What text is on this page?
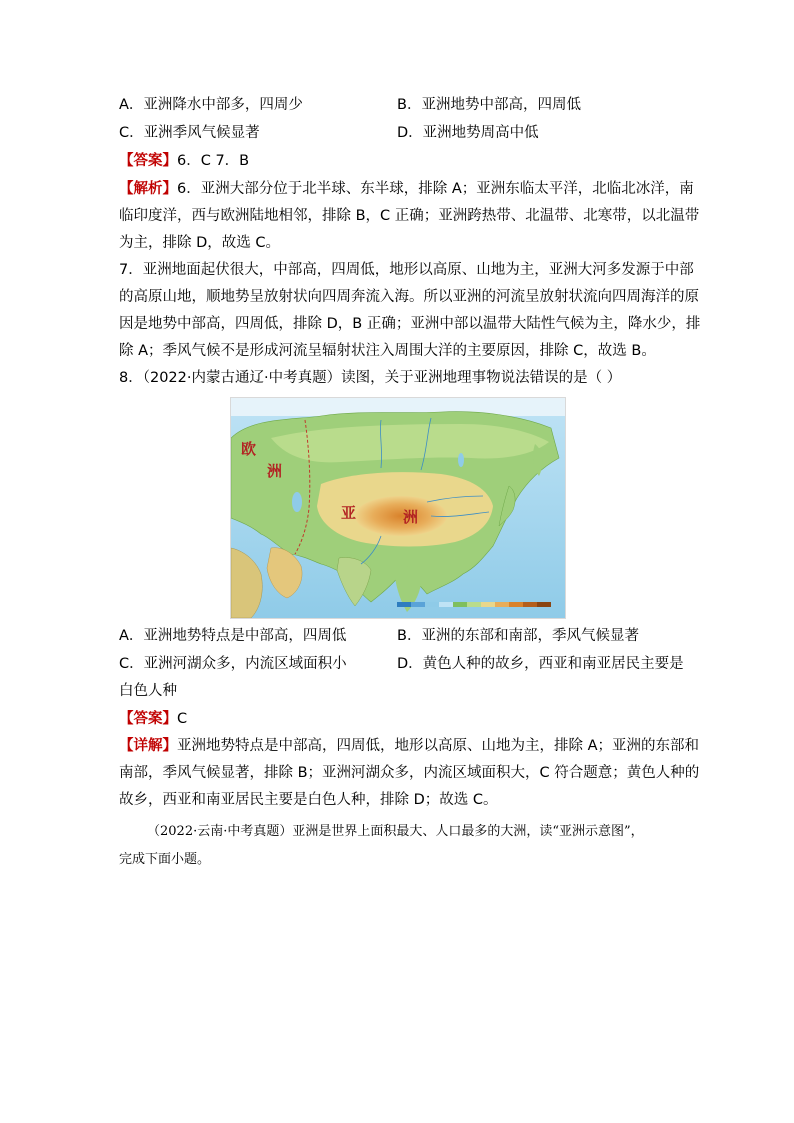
A．亚洲降水中部多，四周少	B．亚洲地势中部高，四周低
C．亚洲季风气候显著	D．亚洲地势周高中低
【答案】6．C 7．B
【解析】6．亚洲大部分位于北半球、东半球，排除 A；亚洲东临太平洋，北临北冰洋，南
临印度洋，西与欧洲陆地相邻，排除 B，C 正确；亚洲跨热带、北温带、北寒带，以北温带
为主，排除 D，故选 C。
7．亚洲地面起伏很大，中部高，四周低，地形以高原、山地为主，亚洲大河多发源于中部
的高原山地，顺地势呈放射状向四周奔流入海。所以亚洲的河流呈放射状流向四周海洋的原
因是地势中部高，四周低，排除 D，B 正确；亚洲中部以温带大陆性气候为主，降水少，排
除 A；季风气候不是形成河流呈辐射状注入周围大洋的主要原因，排除 C，故选 B。
8．（2022·内蒙古通辽·中考真题）读图，关于亚洲地理事物说法错误的是（ ）
欧
洲
亚	洲
A．亚洲地势特点是中部高，四周低	B．亚洲的东部和南部，季风气候显著
C．亚洲河湖众多，内流区域面积小	D．黄色人种的故乡，西亚和南亚居民主要是
白色人种
【答案】C
【详解】亚洲地势特点是中部高，四周低，地形以高原、山地为主，排除 A；亚洲的东部和
南部，季风气候显著，排除 B；亚洲河湖众多，内流区域面积大，C 符合题意；黄色人种的
故乡，西亚和南亚居民主要是白色人种，排除 D；故选 C。
（2022·云南·中考真题）亚洲是世界上面积最大、人口最多的大洲，读“亚洲示意图”，
完成下面小题。
